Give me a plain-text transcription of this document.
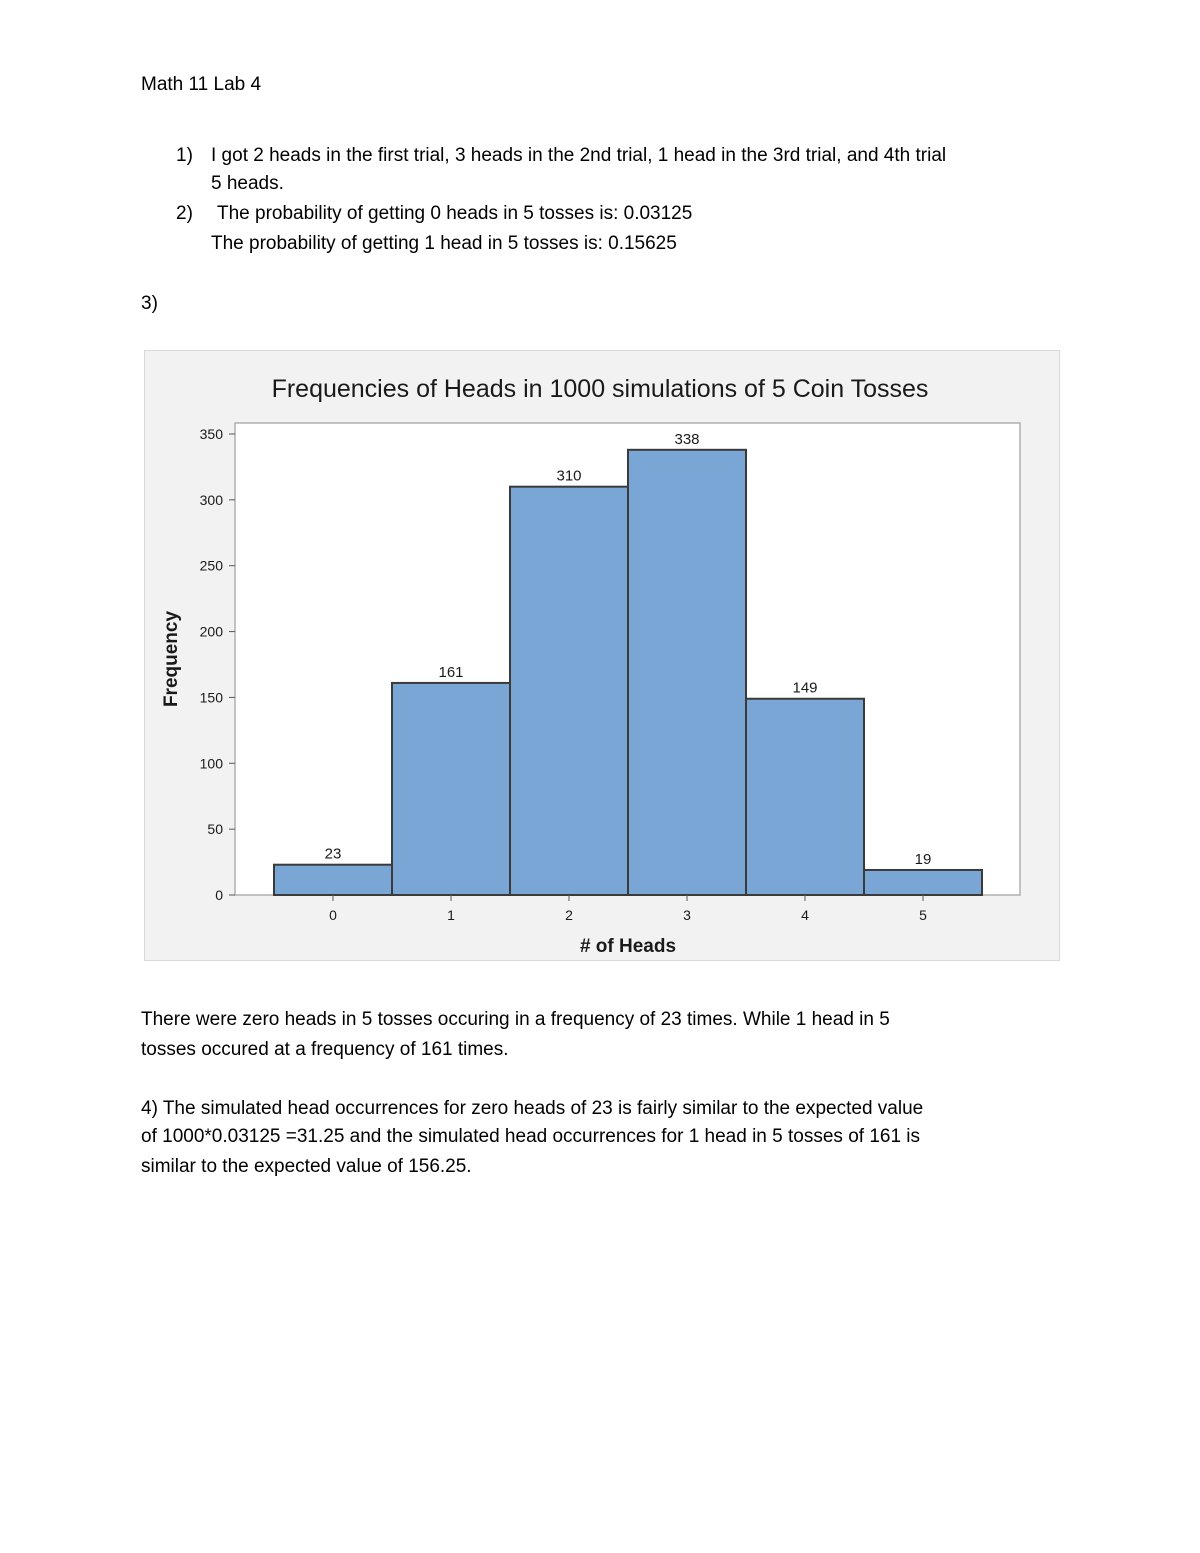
Math 11 Lab 4
1) I got 2 heads in the first trial, 3 heads in the 2nd trial, 1 head in the 3rd trial, and 4th trial
5 heads.
2) The probability of getting 0 heads in 5 tosses is: 0.03125
The probability of getting 1 head in 5 tosses is: 0.15625
3)
Frequencies of Heads in 1000 simulations of 5 Coin Tosses
0
50
100
150
200
250
300
350
23
161
310
338
149
19
0	1	2	3	4	5
# of Heads
Frequency
There were zero heads in 5 tosses occuring in a frequency of 23 times. While 1 head in 5
tosses occured at a frequency of 161 times.
4) The simulated head occurrences for zero heads of 23 is fairly similar to the expected value
of 1000*0.03125 =31.25 and the simulated head occurrences for 1 head in 5 tosses of 161 is
similar to the expected value of 156.25.
